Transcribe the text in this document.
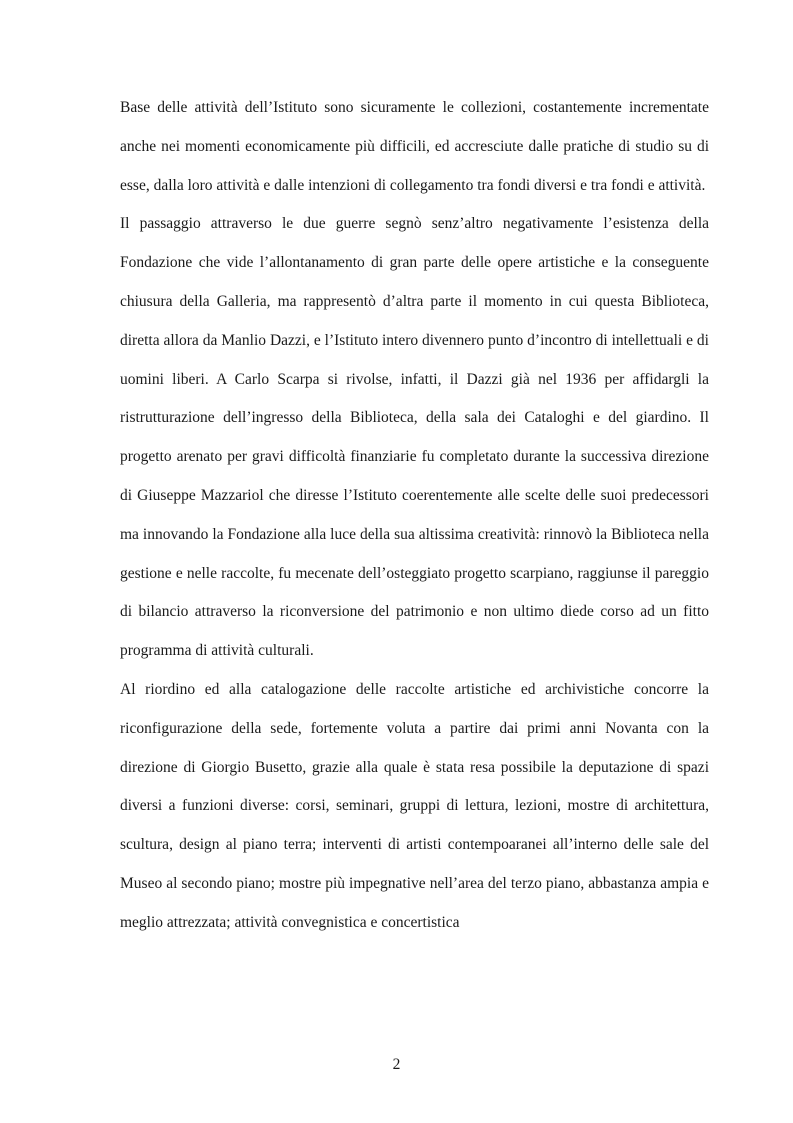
Base delle attività dell’Istituto sono sicuramente le collezioni, costantemente incrementate anche nei momenti economicamente più difficili, ed accresciute dalle pratiche di studio su di esse, dalla loro attività e dalle intenzioni di collegamento tra fondi diversi e tra fondi e attività.

Il passaggio attraverso le due guerre segnò senz’altro negativamente l’esistenza della Fondazione che vide l’allontanamento di gran parte delle opere artistiche e la conseguente chiusura della Galleria, ma rappresentò d’altra parte il momento in cui questa Biblioteca, diretta allora da Manlio Dazzi, e l’Istituto intero divennero punto d’incontro di intellettuali e di uomini liberi. A Carlo Scarpa si rivolse, infatti, il Dazzi già nel 1936 per affidargli la ristrutturazione dell’ingresso della Biblioteca, della sala dei Cataloghi e del giardino. Il progetto arenato per gravi difficoltà finanziarie fu completato durante la successiva direzione di Giuseppe Mazzariol che diresse l’Istituto coerentemente alle scelte delle suoi predecessori ma innovando la Fondazione alla luce della sua altissima creatività: rinnovò la Biblioteca nella gestione e nelle raccolte, fu mecenate dell’osteggiato progetto scarpiano, raggiunse il pareggio di bilancio attraverso la riconversione del patrimonio e non ultimo diede corso ad un fitto programma di attività culturali.

Al riordino ed alla catalogazione delle raccolte artistiche ed archivistiche concorre la riconfigurazione della sede, fortemente voluta a partire dai primi anni Novanta con la direzione di Giorgio Busetto, grazie alla quale è stata resa possibile la deputazione di spazi diversi a funzioni diverse: corsi, seminari, gruppi di lettura, lezioni, mostre di architettura, scultura, design al piano terra; interventi di artisti contempoaranei all’interno delle sale del Museo al secondo piano; mostre più impegnative nell’area del terzo piano, abbastanza ampia e meglio attrezzata; attività convegnistica e concertistica

2
